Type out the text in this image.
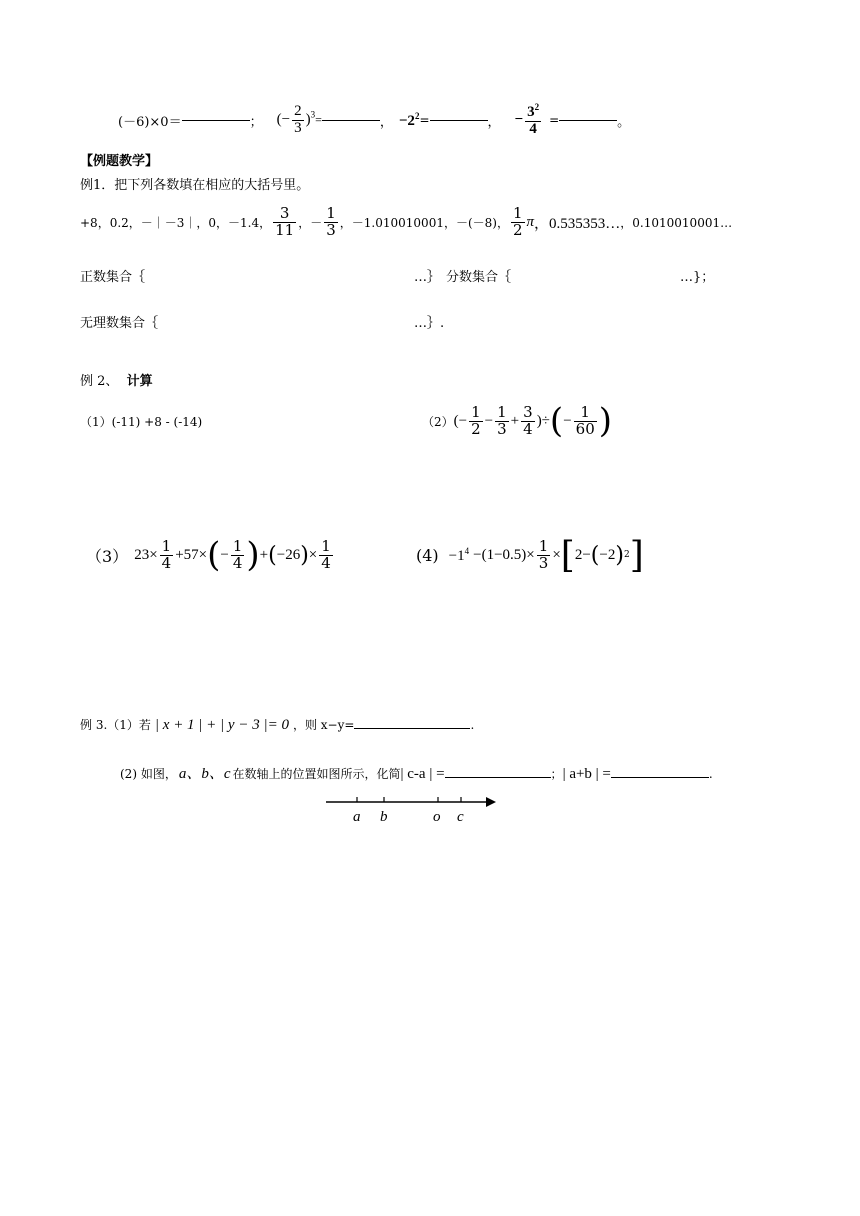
(－6)×0＝	； (− $\frac{2}{3} )^3=$	， $-2^2$ =	， − $\frac{3^2}{4}$ =	。
【例题教学】
例1．把下列各数填在相应的大括号里。
+8，0.2，－｜－3｜，0，－1.4， $\frac{3}{11}$ ，－ $\frac{1}{3}$ ，－1.010010001，－(－8)， $\frac{1}{2}$ π ，0.535353… ，0.1010010001…
正数集合｛	…｝ 分数集合｛	…}；
无理数集合｛	…｝.
例 2、 计算
（1）(-11) +8 - (-14)	（2） (− $\frac{1}{2} - \frac{1}{3} + \frac{3}{4}$ )÷ ( − $\frac{1}{60}$ )
（3） $23\times \frac{1}{4} +57\times$ ( − $\frac{1}{4}$ ) + ( −26 ) × $\frac{1}{4}$	$(4) -1^4 -(1-0.5)\times \frac{1}{3}$ × [ 2− ( −2 ) 2 ]
例 3.（1）若 | x + 1 | + | y − 3 |= 0 ，则 x−y=	.
(2) 如图， a、b、c 在数轴上的位置如图所示，化简 | c-a | =	； | a+b | =	.
a b	o c
